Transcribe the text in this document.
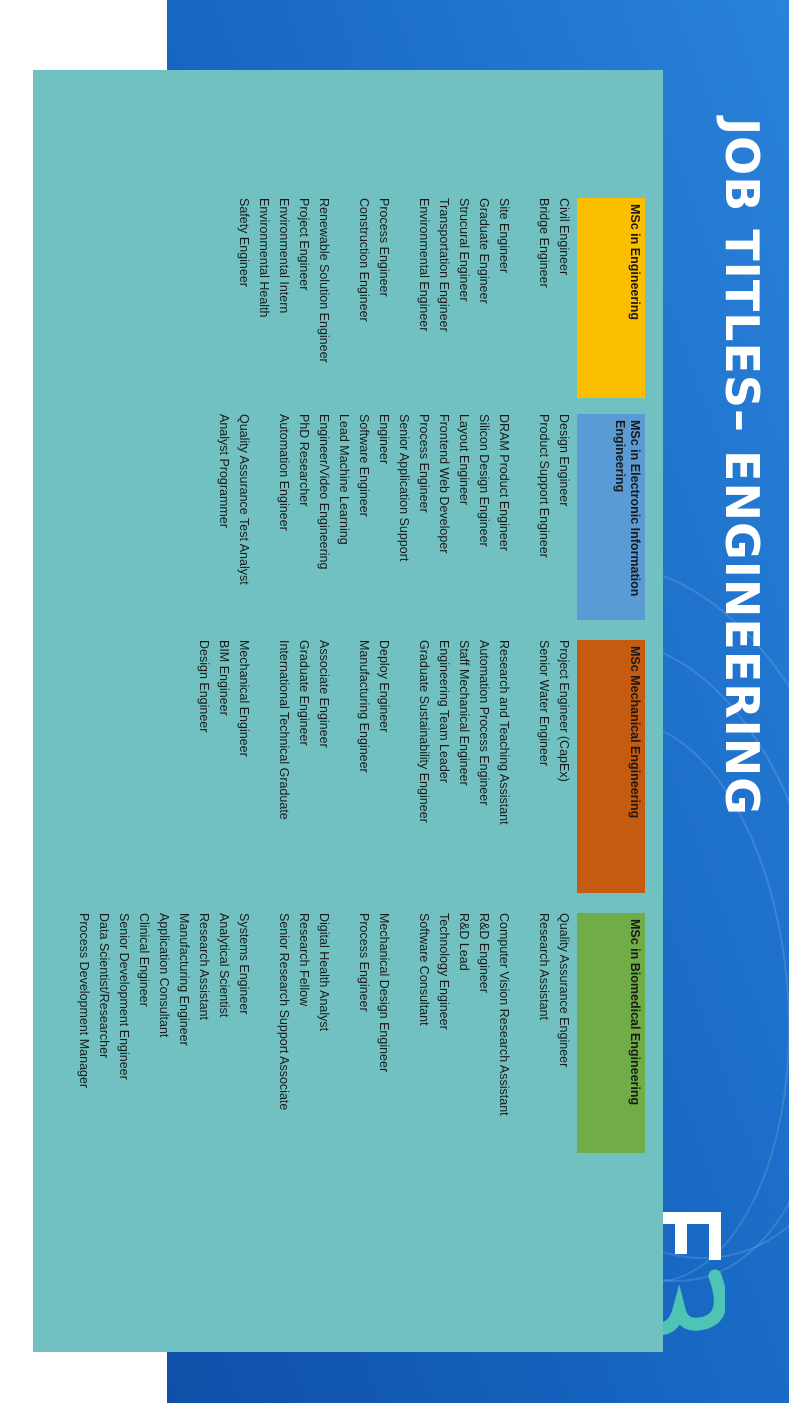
JOB TITLES– ENGINEERING
MSc in Engineering
Civil Engineer
Bridge Engineer
Site Engineer
Graduate Engineer
Strucural Engineer
Transportation Engineer
Environmental Engineer
Process Engineer
Construction Engineer
Renewable Solution Engineer
Project Engineer
Environmental Intern
Environmental Health Safety Engineer
MSc in Electronic Information Engineering
Design Engineer
Product Support Engineer
DRAM Product Engineer
Silicon Design Engineer
Layout Engineer
Frontend Web Developer
Process Engineer
Senior Application Support Engineer
Software Engineer
Lead Machine Learning Engineer/Video Engineering
PhD Researcher
Automation Engineer
Quality Assurance Test Analyst
Analyst Programmer
MSc Mechanical Engineering
Project Engineer (CapEx)
Senior Water Engineer
Research and Teaching Assistant
Automation Process Engineer
Staff Mechanical Engineer
Engineering Team Leader
Graduate Sustainability Engineer
Deploy Engineer
Manufacturing Engineer
Associate Engineer
Graduate Engineer
International Technical Graduate
Mechanical Engineer
BIM Engineer
Design Engineer
MSc in Biomedical Engineering
Quality Assurance Engineer
Research Assistant
Computer Vision Research Assistant
R&D Engineer
R&D Lead
Technology Engineer
Software Consultant
Mechanical Design Engineer
Process Engineer
Digital Health Analyst
Research Fellow
Senior Research Support Associate
Systems Engineer
Analytical Scientist
Research Assistant
Manufacturing Engineer
Application Consultant
Clinical Engineer
Senior Development Engineer
Data Scientist/Researcher
Process Development Manager
